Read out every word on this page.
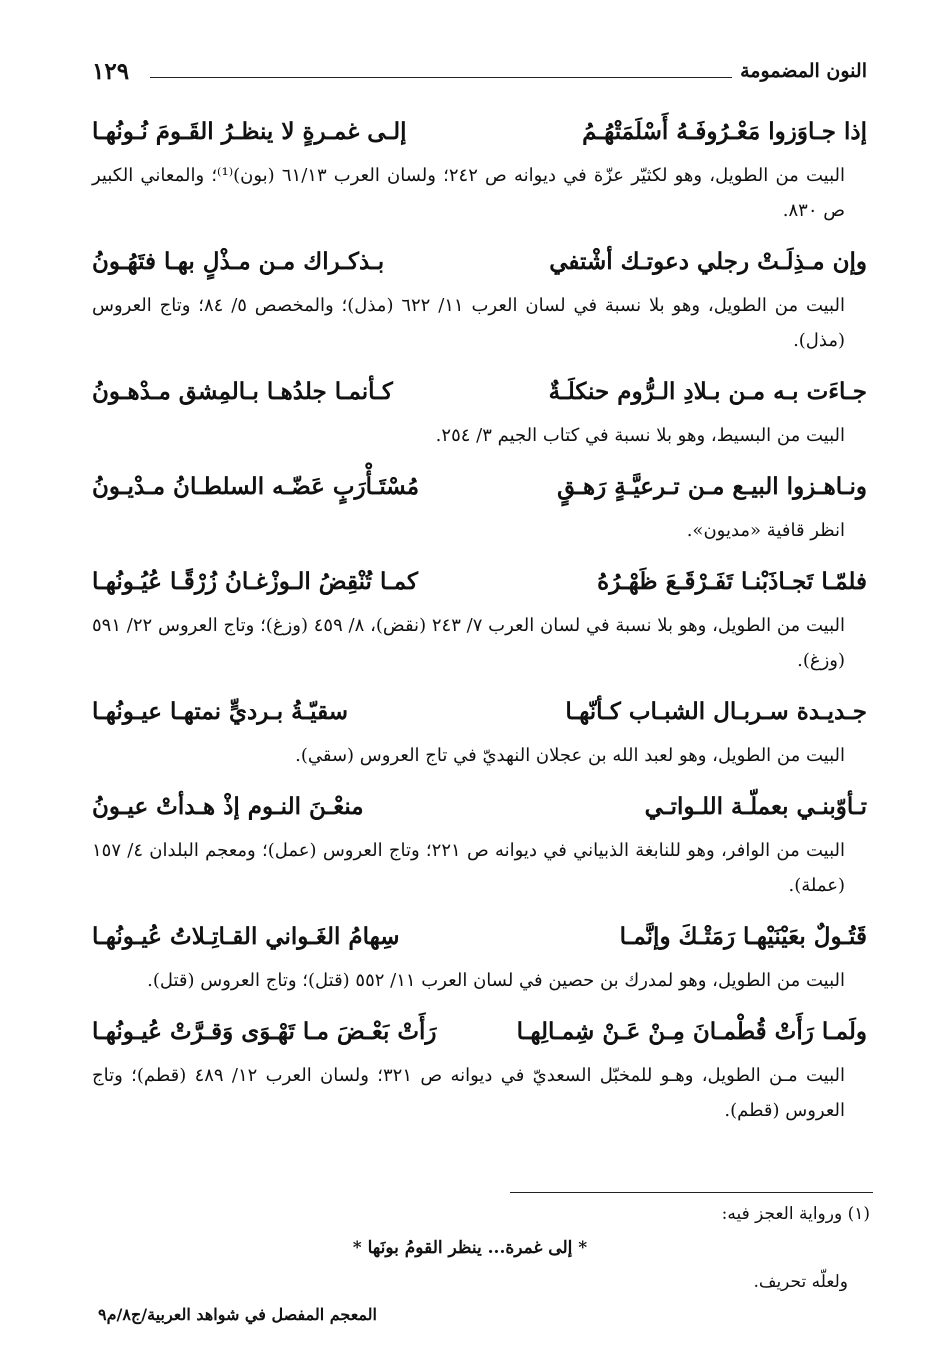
النون المضمومة
١٢٩
إذا جـاوَزوا مَعْـرُوفَـهُ أَسْلَمَتْهُـمُ
إلـى غمـرةٍ لا ينظـرُ القَـومَ نُـونُهـا
البيت من الطويل، وهو لكثيّر عزّة في ديوانه ص ٢٤٢؛ ولسان العرب ٦١/١٣ (بون)⁽¹⁾؛ والمعاني الكبير ص ٨٣٠.
وإن مـذِلَـتْ رجلي دعوتـك أشْتفي
بـذكـراك مـن مـذْلٍ بهـا فتَهُـونُ
البيت من الطويل، وهو بلا نسبة في لسان العرب ١١/ ٦٢٢ (مذل)؛ والمخصص ٥/ ٨٤؛ وتاج العروس (مذل).
جـاءَت بـه مـن بـلادِ الـرُّوم حنكلَـةٌ
كـأنمـا جلدُهـا بـالمِشق مـدْهـونُ
البيت من البسيط، وهو بلا نسبة في كتاب الجيم ٣/ ٢٥٤.
ونـاهـزوا البيـع مـن تـرعيَّـةٍ رَهـقٍ
مُسْتَـأْرَبٍ عَضّـه السلطـانُ مـدْيـونُ
انظر قافية «مديون».
فلمّـا تَجـاذَبْنـا تَفَـرْقَـعَ ظَهْـرُهُ
كمـا تُنْقِضُ الـوزْغـانُ زُرْقًـا عُيُـونُهـا
البيت من الطويل، وهو بلا نسبة في لسان العرب ٧/ ٢٤٣ (نقض)، ٨/ ٤٥٩ (وزغ)؛ وتاج العروس ٢٢/ ٥٩١ (وزغ).
جـديـدة سـربـال الشبـاب كـأنّهـا
سقيّـةُ بـرديٍّ نمتهـا عيـونُهـا
البيت من الطويل، وهو لعبد الله بن عجلان النهديّ في تاج العروس (سقي).
تـأوّبنـي بعملّـة اللـواتـي
منعْـنَ النـوم إذْ هـدأتْ عيـونُ
البيت من الوافر، وهو للنابغة الذبياني في ديوانه ص ٢٢١؛ وتاج العروس (عمل)؛ ومعجم البلدان ٤/ ١٥٧ (عملة).
قَتُـولٌ بعَيْنَيْهـا رَمَتْـكَ وإنَّمـا
سِهامُ الغَـواني القـاتِـلاتُ عُيـونُهـا
البيت من الطويل، وهو لمدرك بن حصين في لسان العرب ١١/ ٥٥٢ (قتل)؛ وتاج العروس (قتل).
ولَمـا رَأَتْ قُطْمـانَ مِـنْ عَـنْ شِمـالِهـا
رَأَتْ بَعْـضَ مـا تَهْـوَى وَقـرَّتْ عُيـونُهـا
البيت مـن الطويل، وهـو للمخبّل السعديّ في ديوانه ص ٣٢١؛ ولسان العرب ١٢/ ٤٨٩ (قطم)؛ وتاج العروس (قطم).
(١) ورواية العجز فيه:
* إلى غمرة... ينظر القومُ بونَها *
ولعلّه تحريف.
المعجم المفصل في شواهد العربية/ج٨/م٩
